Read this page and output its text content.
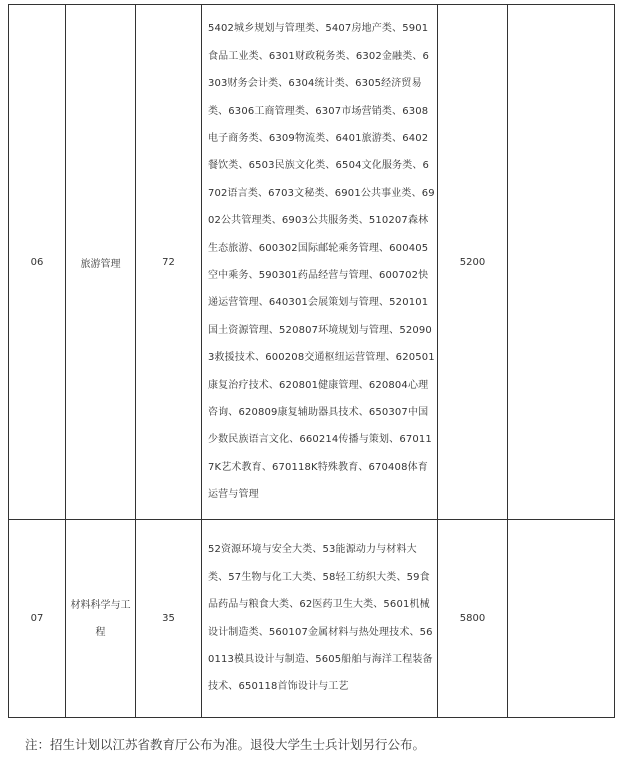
06	旅游管理	72	5402城乡规划与管理类、5407房地产类、5901食品工业类、6301财政税务类、6302金融类、6303财务会计类、6304统计类、6305经济贸易类、6306工商管理类、6307市场营销类、6308电子商务类、6309物流类、6401旅游类、6402餐饮类、6503民族文化类、6504文化服务类、6702语言类、6703文秘类、6901公共事业类、6902公共管理类、6903公共服务类、510207森林生态旅游、600302国际邮轮乘务管理、600405空中乘务、590301药品经营与管理、600702快递运营管理、640301会展策划与管理、520101国土资源管理、520807环境规划与管理、520903救援技术、600208交通枢纽运营管理、620501康复治疗技术、620801健康管理、620804心理咨询、620809康复辅助器具技术、650307中国少数民族语言文化、660214传播与策划、670117K艺术教育、670118K特殊教育、670408体育运营与管理	5200	
07	材料科学与工程	35	52资源环境与安全大类、53能源动力与材料大类、57生物与化工大类、58轻工纺织大类、59食品药品与粮食大类、62医药卫生大类、5601机械设计制造类、560107金属材料与热处理技术、560113模具设计与制造、5605船舶与海洋工程装备技术、650118首饰设计与工艺	5800	
注：招生计划以江苏省教育厅公布为准。退役大学生士兵计划另行公布。
